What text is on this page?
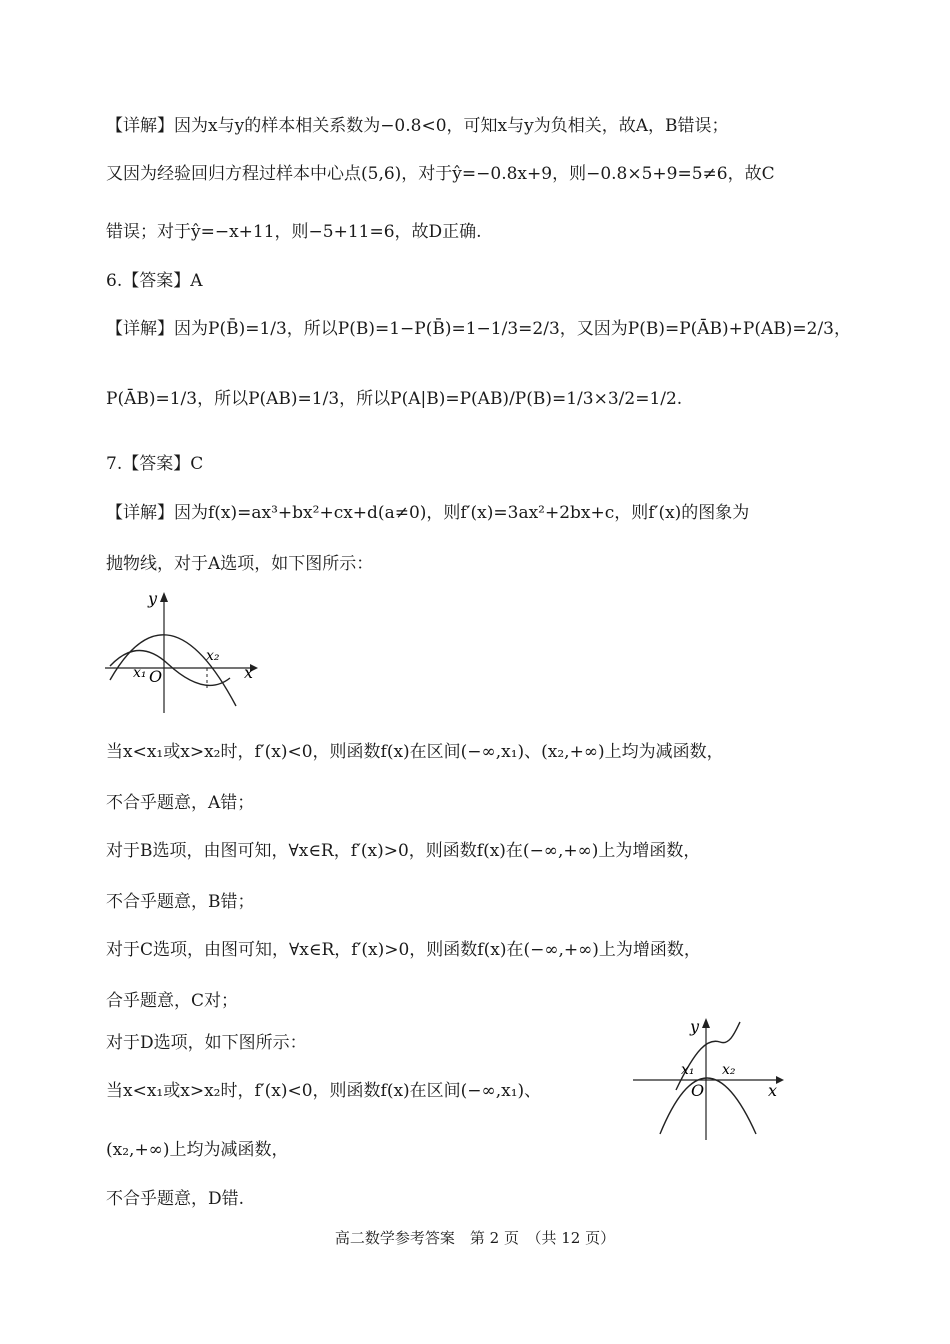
【详解】因为x与y的样本相关系数为−0.8<0，可知x与y为负相关，故A，B错误；
又因为经验回归方程过样本中心点(5,6)，对于ŷ=−0.8x+9，则−0.8×5+9=5≠6，故C
错误；对于ŷ=−x+11，则−5+11=6，故D正确.
6.【答案】A
【详解】因为P(B̄)=1/3，所以P(B)=1−P(B̄)=1−1/3=2/3，又因为P(B)=P(ĀB)+P(AB)=2/3，
P(ĀB)=1/3，所以P(AB)=1/3，所以P(A|B)=P(AB)/P(B)=1/3×3/2=1/2.
7.【答案】C
【详解】因为f(x)=ax³+bx²+cx+d(a≠0)，则f′(x)=3ax²+2bx+c，则f′(x)的图象为
抛物线，对于A选项，如下图所示：
y
x
O
x₁
x₂
当x<x₁或x>x₂时，f′(x)<0，则函数f(x)在区间(−∞,x₁)、(x₂,+∞)上均为减函数，
不合乎题意，A错；
对于B选项，由图可知，∀x∈R，f′(x)>0，则函数f(x)在(−∞,+∞)上为增函数，
不合乎题意，B错；
对于C选项，由图可知，∀x∈R，f′(x)>0，则函数f(x)在(−∞,+∞)上为增函数，
合乎题意，C对；
对于D选项，如下图所示：
当x<x₁或x>x₂时，f′(x)<0，则函数f(x)在区间(−∞,x₁)、
(x₂,+∞)上均为减函数，
不合乎题意，D错.
y
x
O
x₁ x₂
高二数学参考答案　第 2 页　（共 12 页）
